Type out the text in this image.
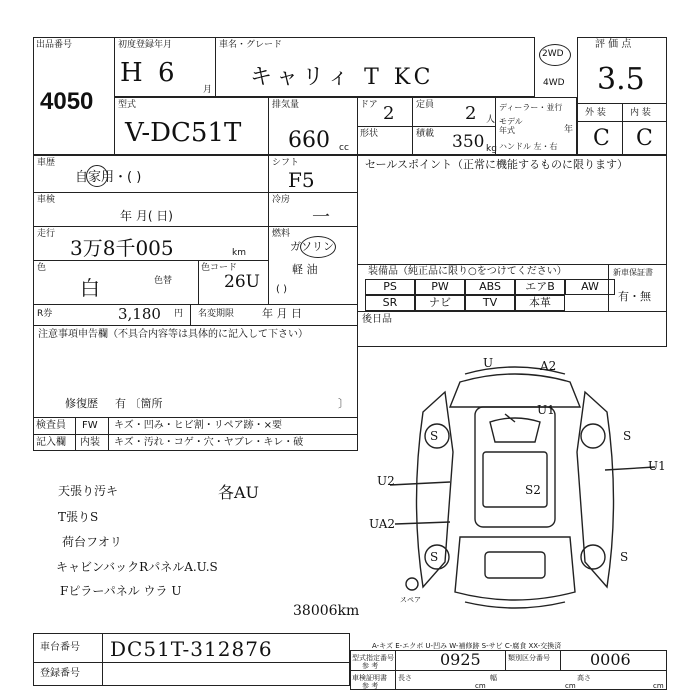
出品番号
4050
初度登録年月
H 6
月
車名・グレード
キャリィ T KC
2WD
4WD
評 価 点
3.5
型式
V-DC51T
排気量
660 cc
ドア 2 定員 2 人
形状	積載 350 kg
ディーラー・並行
モデル年式	年
ハンドル 左・右
外 装	内 装
C C
車歴
自家用・( )
車検
年 月( 日)
走行
3万8千005	km
色
白	色替
色コード
26U
シフト
F5
冷房
一
燃料
ガソリン
軽 油
( )
R券	3,180 円 名変期限	年 月 日
セールスポイント（正常に機能するものに限ります）
装備品（純正品に限り○をつけてください）	新車保証書
有・無
PS	PW	ABS	エアB	AW
SR	ナビ	TV	本革
後日品
注意事項申告欄（不具合内容等は具体的に記入して下さい）
修復歴 有 〔箇所	〕
検査員
記入欄
FW キズ・凹み・ヒビ割・リペア跡・×要
内装 キズ・汚れ・コゲ・穴・ヤブレ・キレ・破
天張り汚キ
T張りS
荷台フオリ
キャビンバックRパネルA.U.S
Fピラーパネル ウラ U
各AU
38006km
U	A2
U1
S	S
U1
S2
U2
UA2
S	S
スペア
A-キズ E-エクボ U-凹み W-補修跡 S-サビ C-腐食 XX-交換済
車台番号 DC51T-312876
登録番号
型式指定番号
参 考	0925	類別区分番号	0006
車検証明書
参 考
長さ
cm
幅
cm
高さ
cm
